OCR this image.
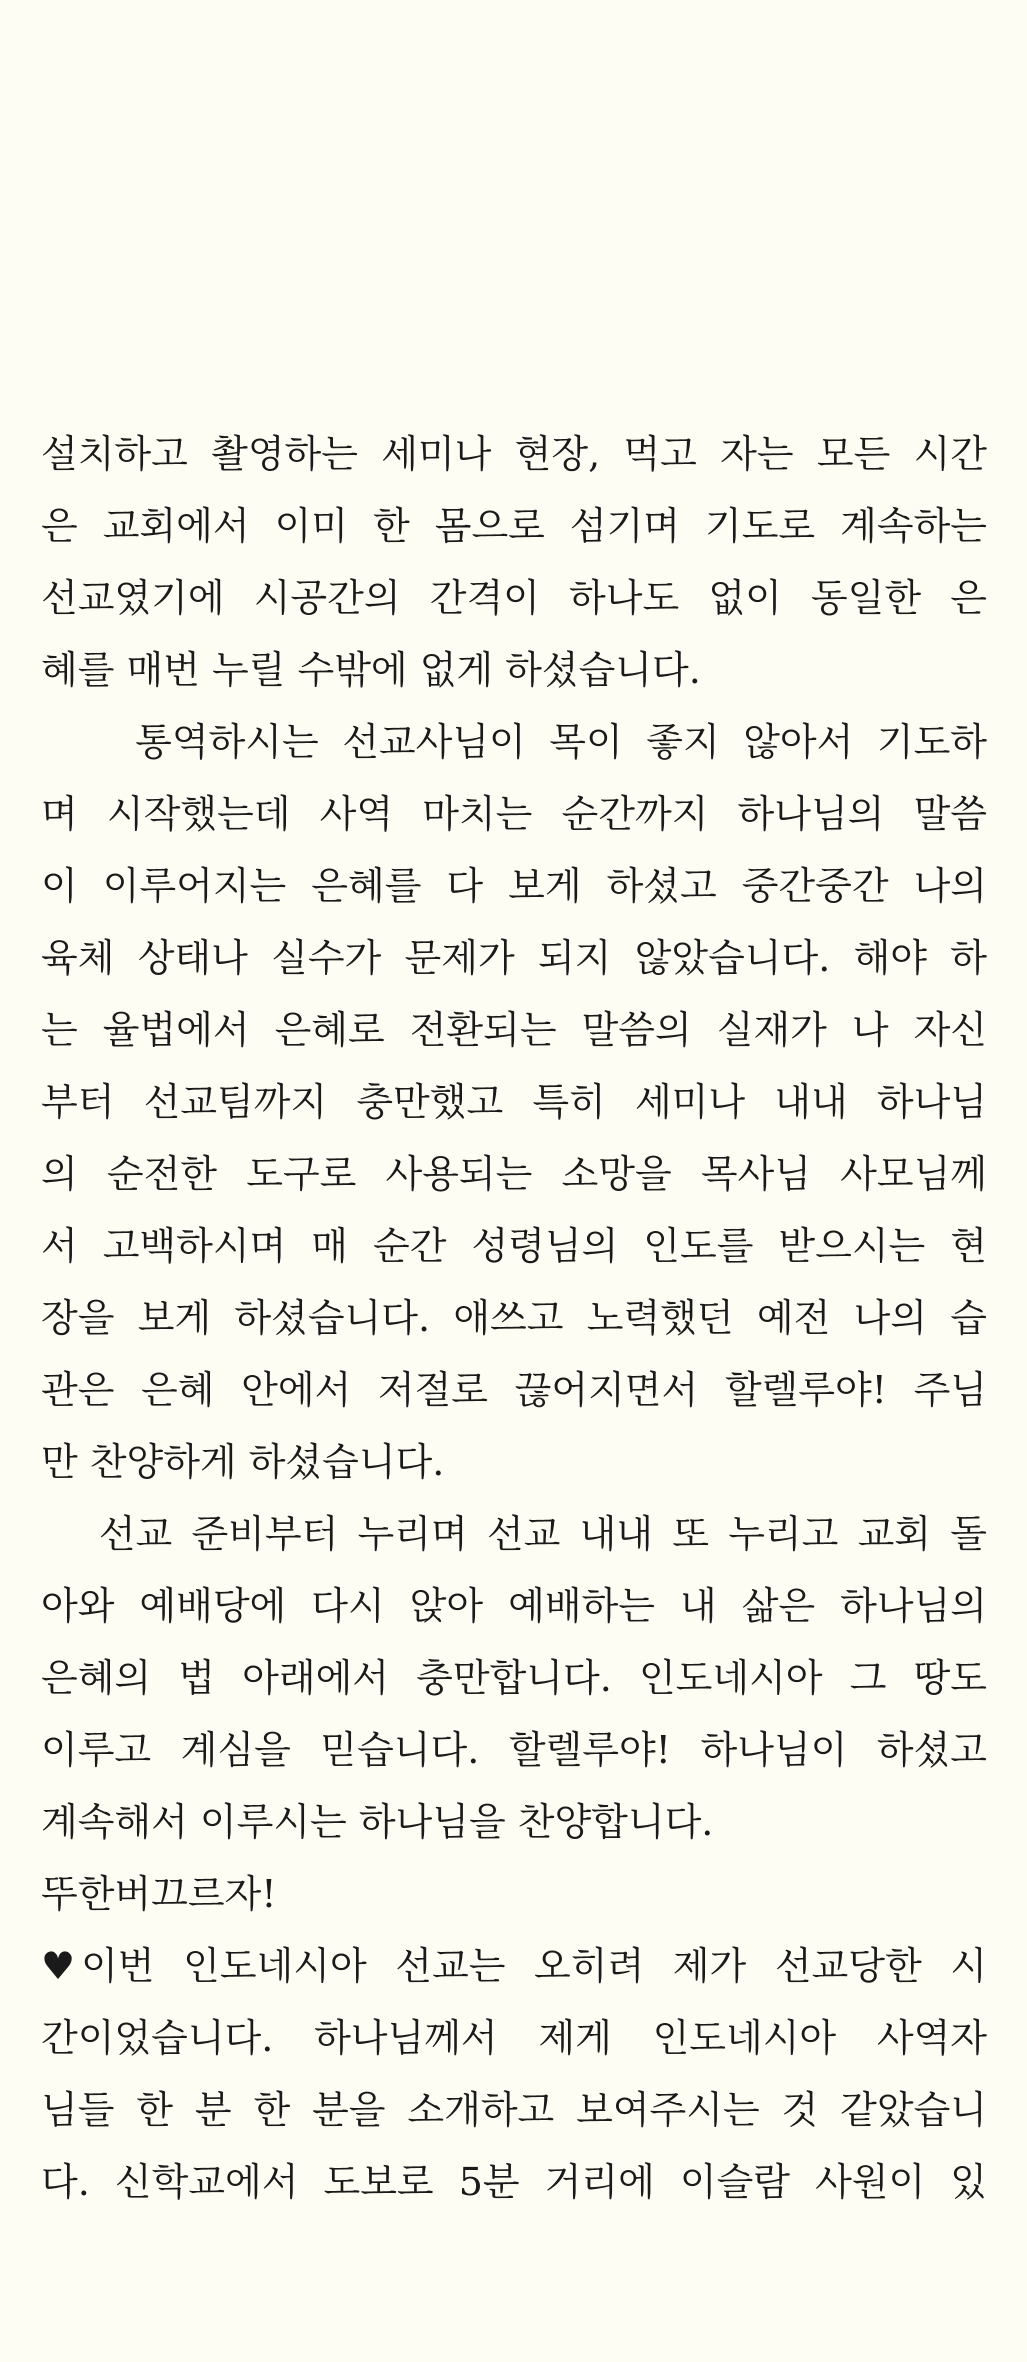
설치하고 촬영하는 세미나 현장, 먹고 자는 모든 시간
은 교회에서 이미 한 몸으로 섬기며 기도로 계속하는
선교였기에 시공간의 간격이 하나도 없이 동일한 은
혜를 매번 누릴 수밖에 없게 하셨습니다.
통역하시는 선교사님이 목이 좋지 않아서 기도하
며 시작했는데 사역 마치는 순간까지 하나님의 말씀
이 이루어지는 은혜를 다 보게 하셨고 중간중간 나의
육체 상태나 실수가 문제가 되지 않았습니다. 해야 하
는 율법에서 은혜로 전환되는 말씀의 실재가 나 자신
부터 선교팀까지 충만했고 특히 세미나 내내 하나님
의 순전한 도구로 사용되는 소망을 목사님 사모님께
서 고백하시며 매 순간 성령님의 인도를 받으시는 현
장을 보게 하셨습니다. 애쓰고 노력했던 예전 나의 습
관은 은혜 안에서 저절로 끊어지면서 할렐루야! 주님
만 찬양하게 하셨습니다.
선교 준비부터 누리며 선교 내내 또 누리고 교회 돌
아와 예배당에 다시 앉아 예배하는 내 삶은 하나님의
은혜의 법 아래에서 충만합니다. 인도네시아 그 땅도
이루고 계심을 믿습니다. 할렐루야! 하나님이 하셨고
계속해서 이루시는 하나님을 찬양합니다.
뚜한버끄르자!
♥ 이번 인도네시아 선교는 오히려 제가 선교당한 시
간이었습니다. 하나님께서 제게 인도네시아 사역자
님들 한 분 한 분을 소개하고 보여주시는 것 같았습니
다. 신학교에서 도보로 5분 거리에 이슬람 사원이 있
